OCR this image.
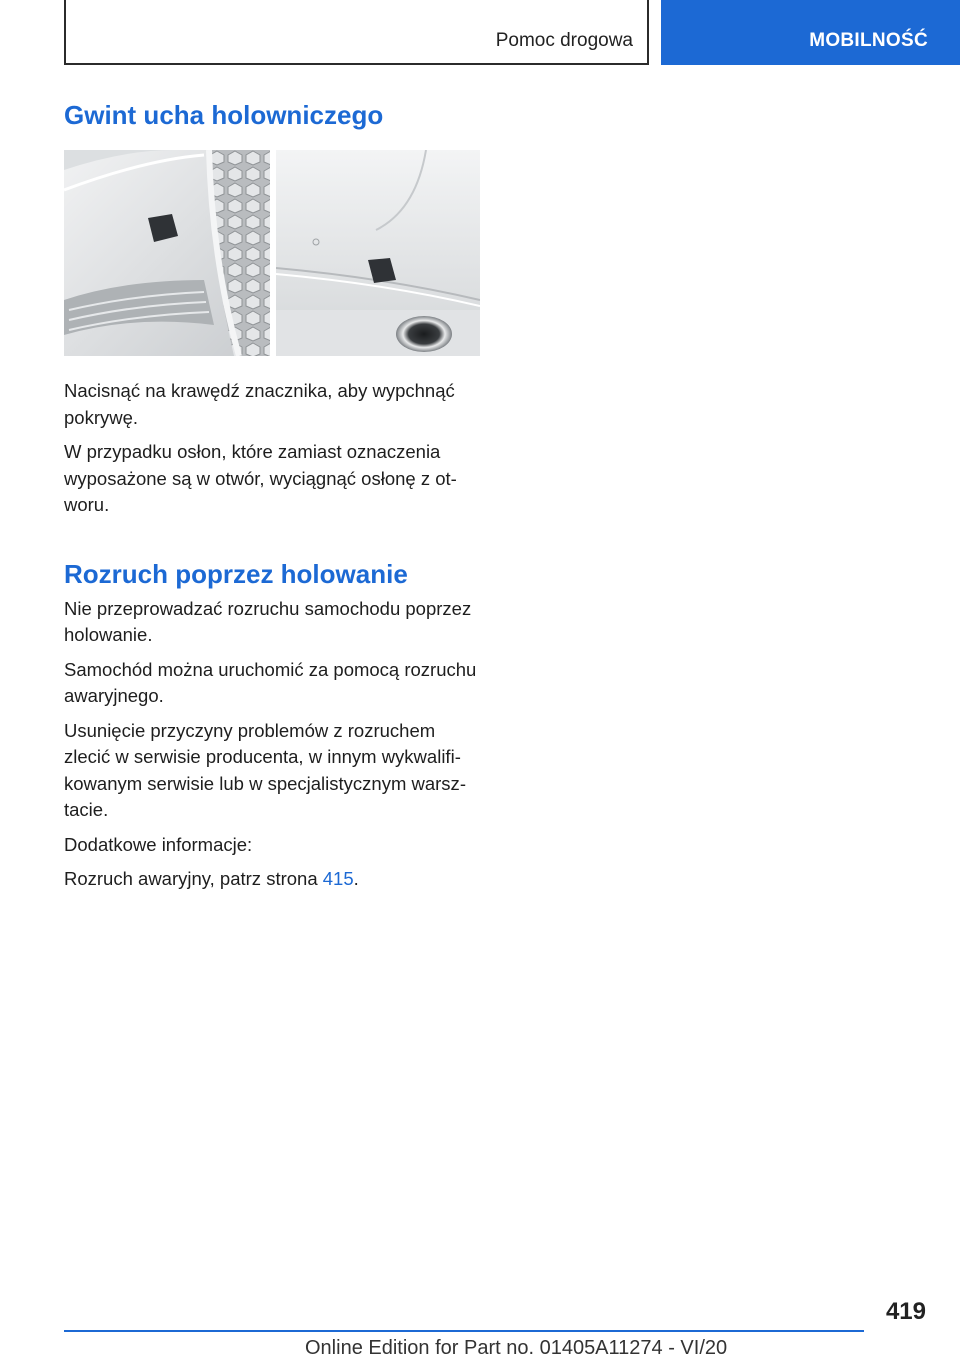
Pomoc drogowa	MOBILNOŚĆ
Gwint ucha holowniczego

Nacisnąć na krawędź znacznika, aby wypchnąć pokrywę.

W przypadku osłon, które zamiast oznaczenia wyposażone są w otwór, wyciągnąć osłonę z otworu.

Rozruch poprzez holowanie

Nie przeprowadzać rozruchu samochodu poprzez holowanie.

Samochód można uruchomić za pomocą rozruchu awaryjnego.

Usunięcie przyczyny problemów z rozruchem zlecić w serwisie producenta, w innym wykwalifikowanym serwisie lub w specjalistycznym warsztacie.

Dodatkowe informacje:

Rozruch awaryjny, patrz strona 415.

419
Online Edition for Part no. 01405A11274 - VI/20
